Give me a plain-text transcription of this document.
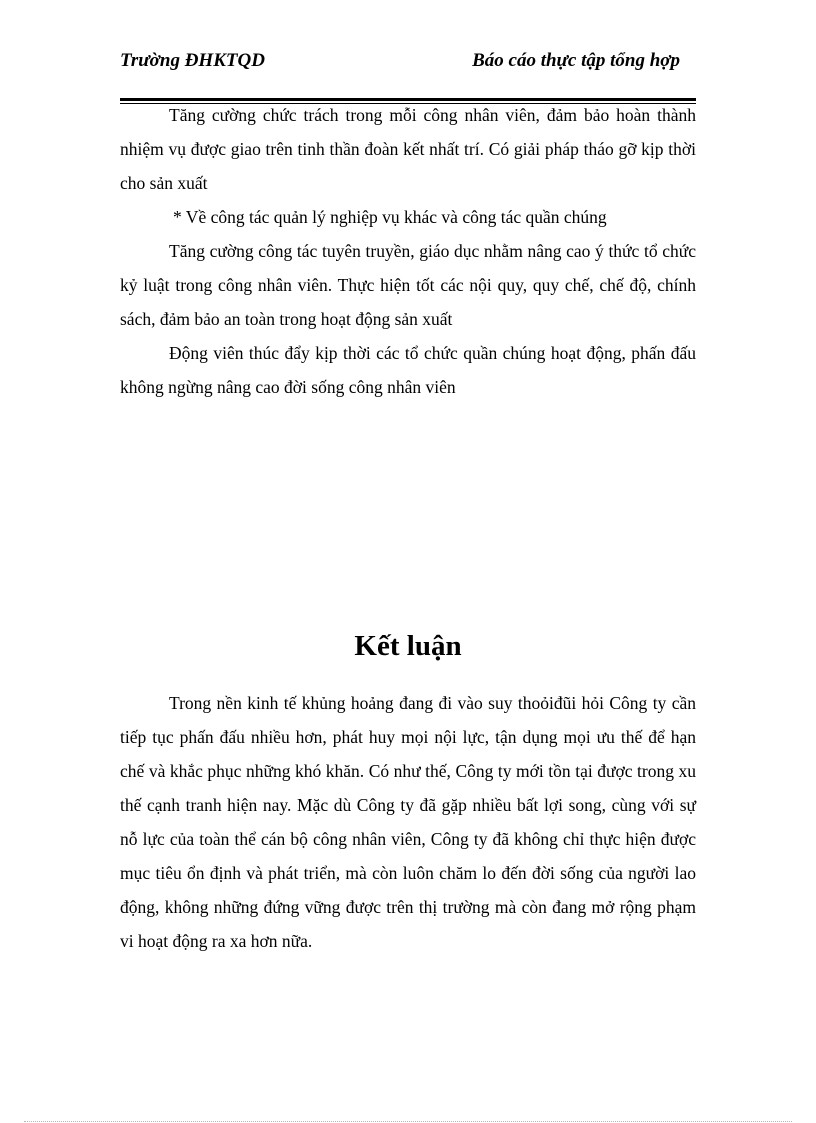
Trường ĐHKTQD	Báo cáo thực tập tổng hợp

Tăng cường chức trách trong mỗi công nhân viên, đảm bảo hoàn thành nhiệm vụ được giao trên tinh thần đoàn kết nhất trí. Có giải pháp tháo gỡ kịp thời cho sản xuất

* Về công tác quản lý nghiệp vụ khác và công tác quần chúng

Tăng cường công tác tuyên truyền, giáo dục nhằm nâng cao ý thức tổ chức kỷ luật trong công nhân viên. Thực hiện tốt các nội quy, quy chế, chế độ, chính sách, đảm bảo an toàn trong hoạt động sản xuất

Động viên thúc đẩy kịp thời các tổ chức quần chúng hoạt động, phấn đấu không ngừng nâng cao đời sống công nhân viên

Kết luận

Trong nền kinh tế khủng hoảng đang đi vào suy thoỏiđũi hỏi Công ty cần tiếp tục phấn đấu nhiều hơn, phát huy mọi nội lực, tận dụng mọi ưu thế để hạn chế và khắc phục những khó khăn. Có như thế, Công ty mới tồn tại được trong xu thế cạnh tranh hiện nay. Mặc dù Công ty đã gặp nhiều bất lợi song, cùng với sự nỗ lực của toàn thể cán bộ công nhân viên, Công ty đã không chỉ thực hiện được mục tiêu ổn định và phát triển, mà còn luôn chăm lo đến đời sống của người lao động, không những đứng vững được trên thị trường mà còn đang mở rộng phạm vi hoạt động ra xa hơn nữa.
